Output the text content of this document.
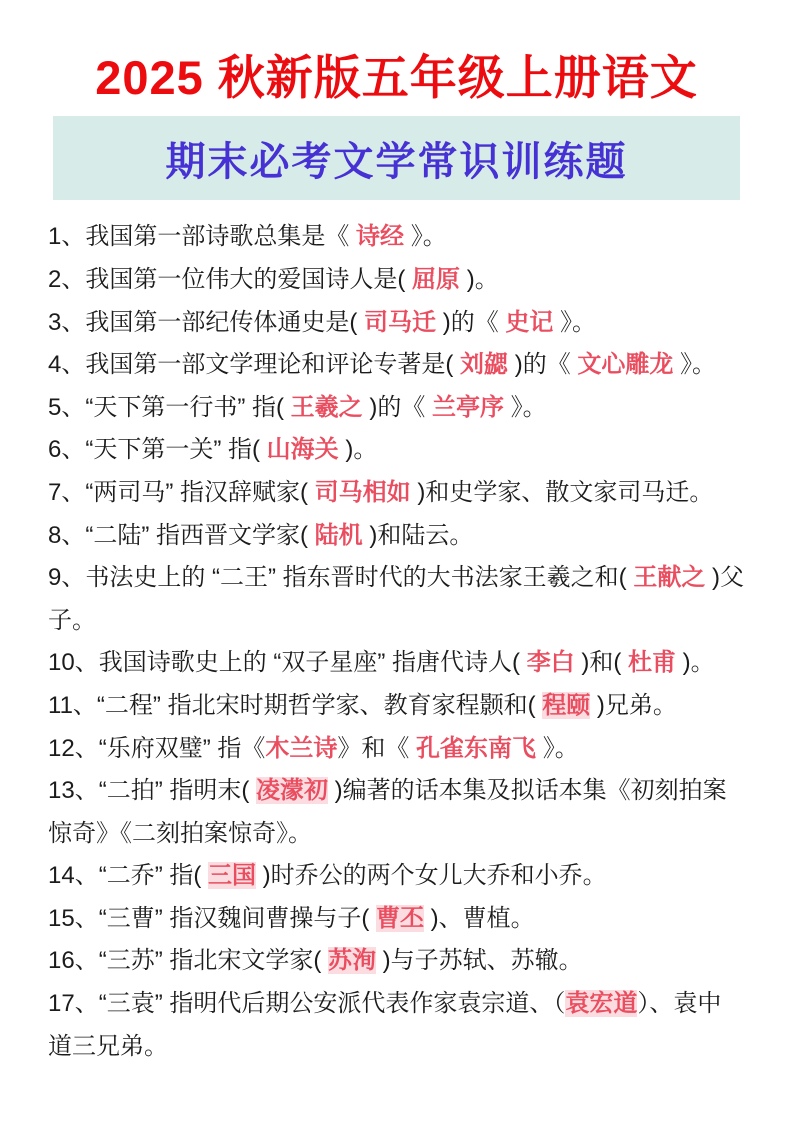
2025 秋新版五年级上册语文
期末必考文学常识训练题

1、我国第一部诗歌总集是《 诗经 》。

2、我国第一位伟大的爱国诗人是( 屈原 )。

3、我国第一部纪传体通史是( 司马迁 )的《 史记 》。

4、我国第一部文学理论和评论专著是( 刘勰 )的《 文心雕龙 》。

5、“天下第一行书” 指( 王羲之 )的《 兰亭序 》。

6、“天下第一关” 指( 山海关 )。

7、“两司马” 指汉辞赋家( 司马相如 )和史学家、散文家司马迁。

8、“二陆” 指西晋文学家( 陆机 )和陆云。

9、书法史上的 “二王” 指东晋时代的大书法家王羲之和( 王献之 )父子。

10、我国诗歌史上的 “双子星座” 指唐代诗人( 李白 )和( 杜甫 )。

11、“二程” 指北宋时期哲学家、教育家程颢和( 程颐 )兄弟。

12、“乐府双璧” 指《木兰诗》和《 孔雀东南飞 》。

13、“二拍” 指明末( 凌濛初 )编著的话本集及拟话本集《初刻拍案惊奇》《二刻拍案惊奇》。

14、“二乔” 指( 三国 )时乔公的两个女儿大乔和小乔。

15、“三曹” 指汉魏间曹操与子( 曹丕 )、曹植。

16、“三苏” 指北宋文学家( 苏洵 )与子苏轼、苏辙。

17、“三袁” 指明代后期公安派代表作家袁宗道、（袁宏道）、袁中道三兄弟。
